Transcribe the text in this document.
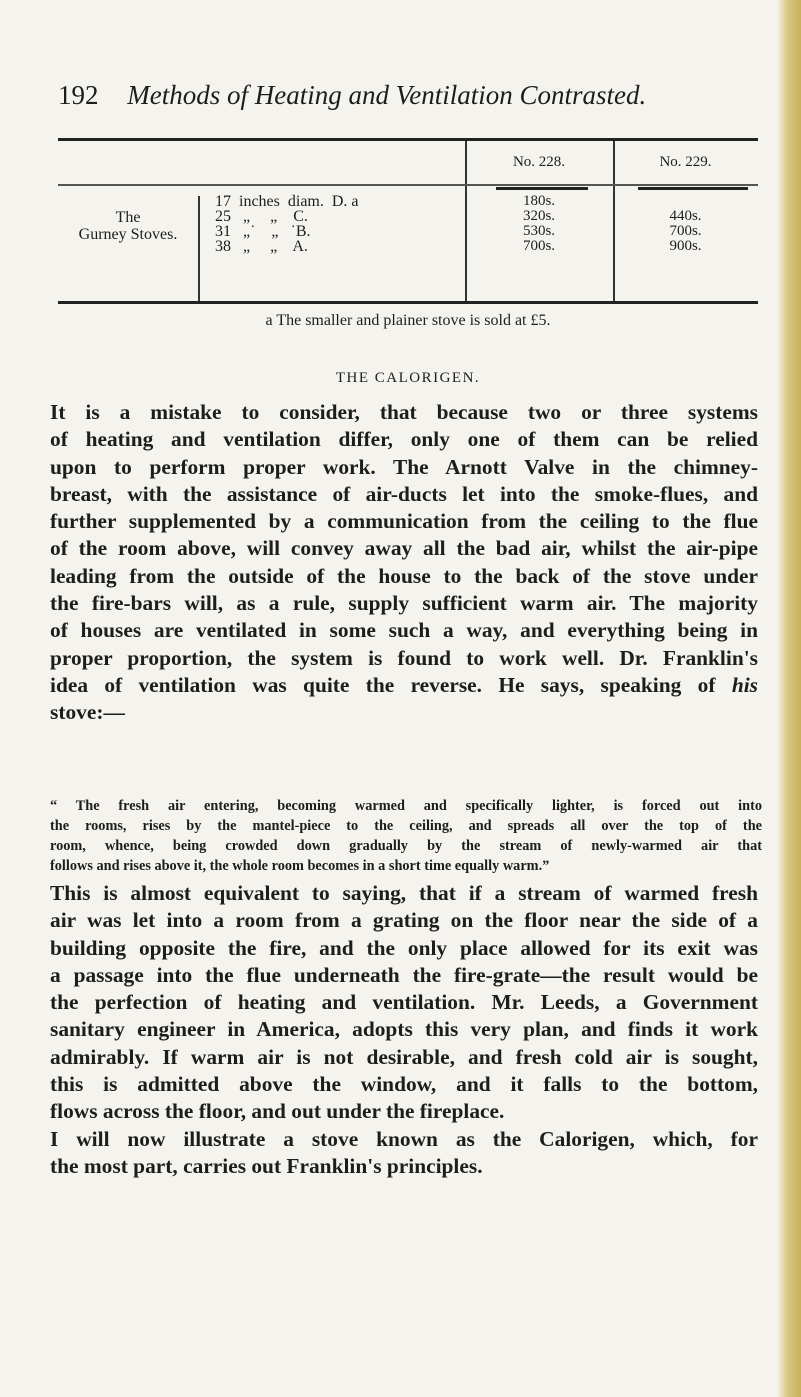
192 Methods of Heating and Ventilation Contrasted.
No. 228.	No. 229.
The
Gurney Stoves.
17  inches  diam.  D. a
25   „     „    C.
31   „˙    „   ˙B.
38   „     „    A.
180s.
320s.
530s.
700s.
440s.
700s.
900s.
a The smaller and plainer stove is sold at £5.
THE CALORIGEN.
It is a mistake to consider, that because two or three systems
of heating and ventilation differ, only one of them can be relied
upon to perform proper work. The Arnott Valve in the chimney-
breast, with the assistance of air-ducts let into the smoke-flues, and
further supplemented by a communication from the ceiling to the flue
of the room above, will convey away all the bad air, whilst the air-pipe
leading from the outside of the house to the back of the stove under
the fire-bars will, as a rule, supply sufficient warm air. The majority
of houses are ventilated in some such a way, and everything being in
proper proportion, the system is found to work well. Dr. Franklin's
idea of ventilation was quite the reverse. He says, speaking of his
stove:—
“ The fresh air entering, becoming warmed and specifically lighter, is forced out into
the rooms, rises by the mantel-piece to the ceiling, and spreads all over the top of the
room, whence, being crowded down gradually by the stream of newly-warmed air that
follows and rises above it, the whole room becomes in a short time equally warm.”
This is almost equivalent to saying, that if a stream of warmed fresh
air was let into a room from a grating on the floor near the side of a
building opposite the fire, and the only place allowed for its exit was
a passage into the flue underneath the fire-grate—the result would be
the perfection of heating and ventilation. Mr. Leeds, a Government
sanitary engineer in America, adopts this very plan, and finds it work
admirably. If warm air is not desirable, and fresh cold air is sought,
this is admitted above the window, and it falls to the bottom,
flows across the floor, and out under the fireplace.
I will now illustrate a stove known as the Calorigen, which, for
the most part, carries out Franklin's principles.
